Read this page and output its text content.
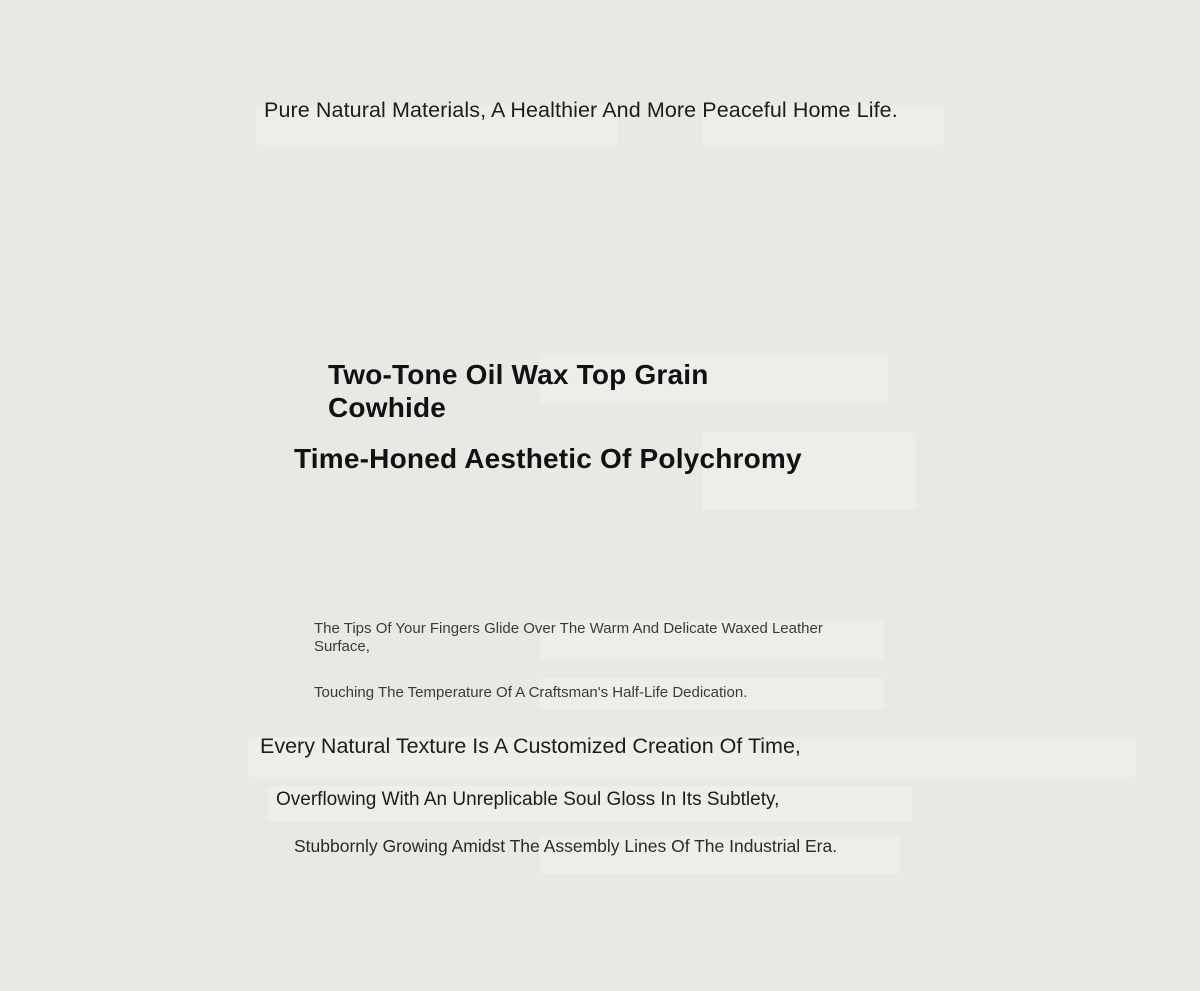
Pure Natural Materials, A Healthier And More Peaceful Home Life.
Two-Tone Oil Wax Top Grain Cowhide
Time-Honed Aesthetic Of Polychromy
The Tips Of Your Fingers Glide Over The Warm And Delicate Waxed Leather Surface,
Touching The Temperature Of A Craftsman's Half-Life Dedication.
Every Natural Texture Is A Customized Creation Of Time,
Overflowing With An Unreplicable Soul Gloss In Its Subtlety,
Stubbornly Growing Amidst The Assembly Lines Of The Industrial Era.
